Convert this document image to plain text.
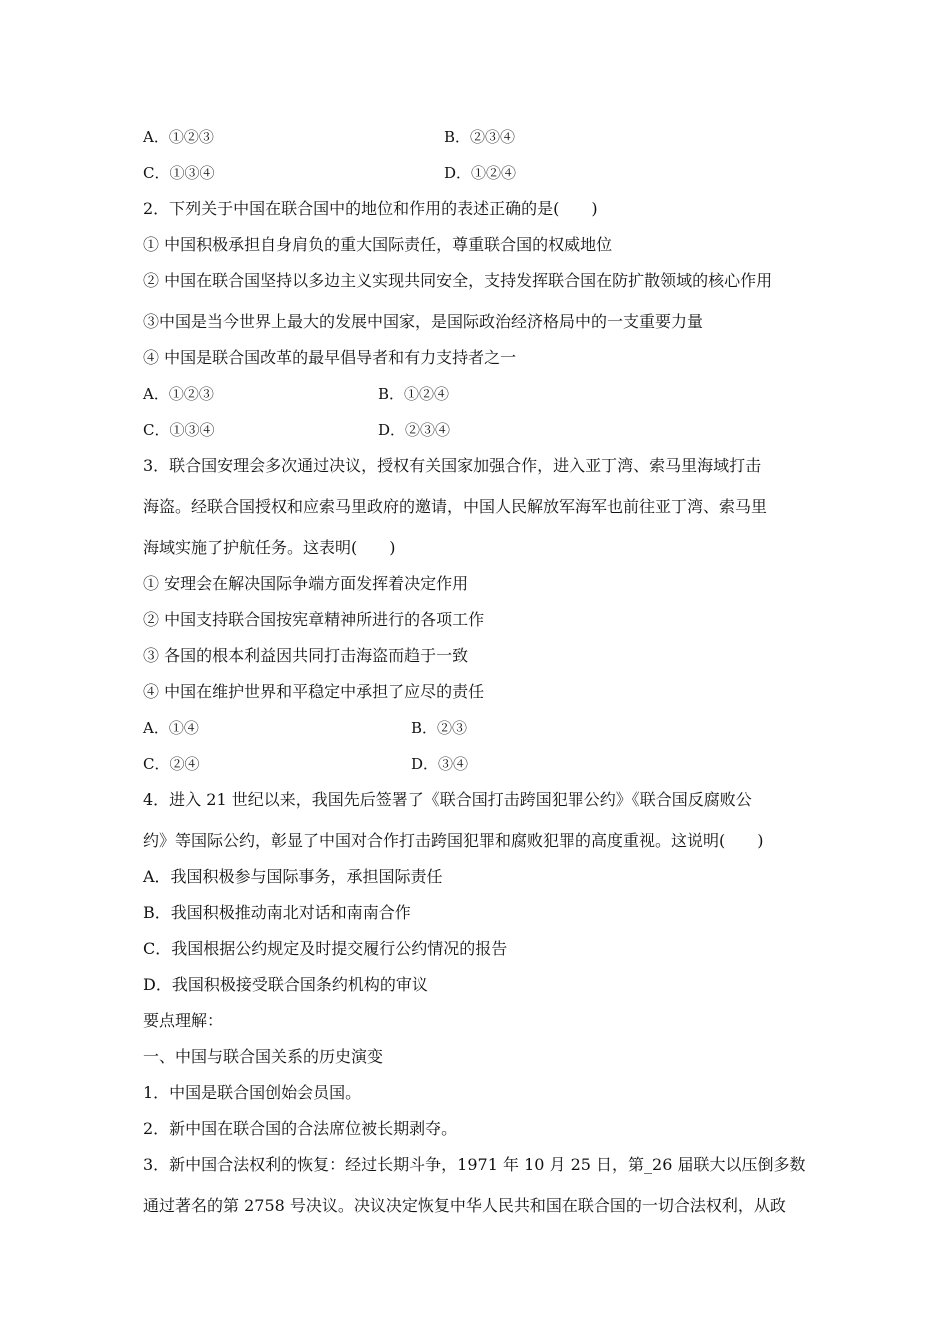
A．①②③	B．②③④
C．①③④	D．①②④
2．下列关于中国在联合国中的地位和作用的表述正确的是(　　)
① 中国积极承担自身肩负的重大国际责任，尊重联合国的权威地位
② 中国在联合国坚持以多边主义实现共同安全，支持发挥联合国在防扩散领域的核心作用
③中国是当今世界上最大的发展中国家，是国际政治经济格局中的一支重要力量
④ 中国是联合国改革的最早倡导者和有力支持者之一
A．①②③	B．①②④
C．①③④	D．②③④
3．联合国安理会多次通过决议，授权有关国家加强合作，进入亚丁湾、索马里海域打击
海盗。经联合国授权和应索马里政府的邀请，中国人民解放军海军也前往亚丁湾、索马里
海域实施了护航任务。这表明(　　)
① 安理会在解决国际争端方面发挥着决定作用
② 中国支持联合国按宪章精神所进行的各项工作
③ 各国的根本利益因共同打击海盗而趋于一致
④ 中国在维护世界和平稳定中承担了应尽的责任
A．①④	B．②③
C．②④	D．③④
4．进入 21 世纪以来，我国先后签署了《联合国打击跨国犯罪公约》《联合国反腐败公
约》等国际公约，彰显了中国对合作打击跨国犯罪和腐败犯罪的高度重视。这说明(　　)
A．我国积极参与国际事务，承担国际责任
B．我国积极推动南北对话和南南合作
C．我国根据公约规定及时提交履行公约情况的报告
D．我国积极接受联合国条约机构的审议
要点理解：
一、中国与联合国关系的历史演变
1．中国是联合国创始会员国。
2．新中国在联合国的合法席位被长期剥夺。
3．新中国合法权利的恢复：经过长期斗争，1971 年 10 月 25 日，第_26 届联大以压倒多数
通过著名的第 2758 号决议。决议决定恢复中华人民共和国在联合国的一切合法权利，从政
